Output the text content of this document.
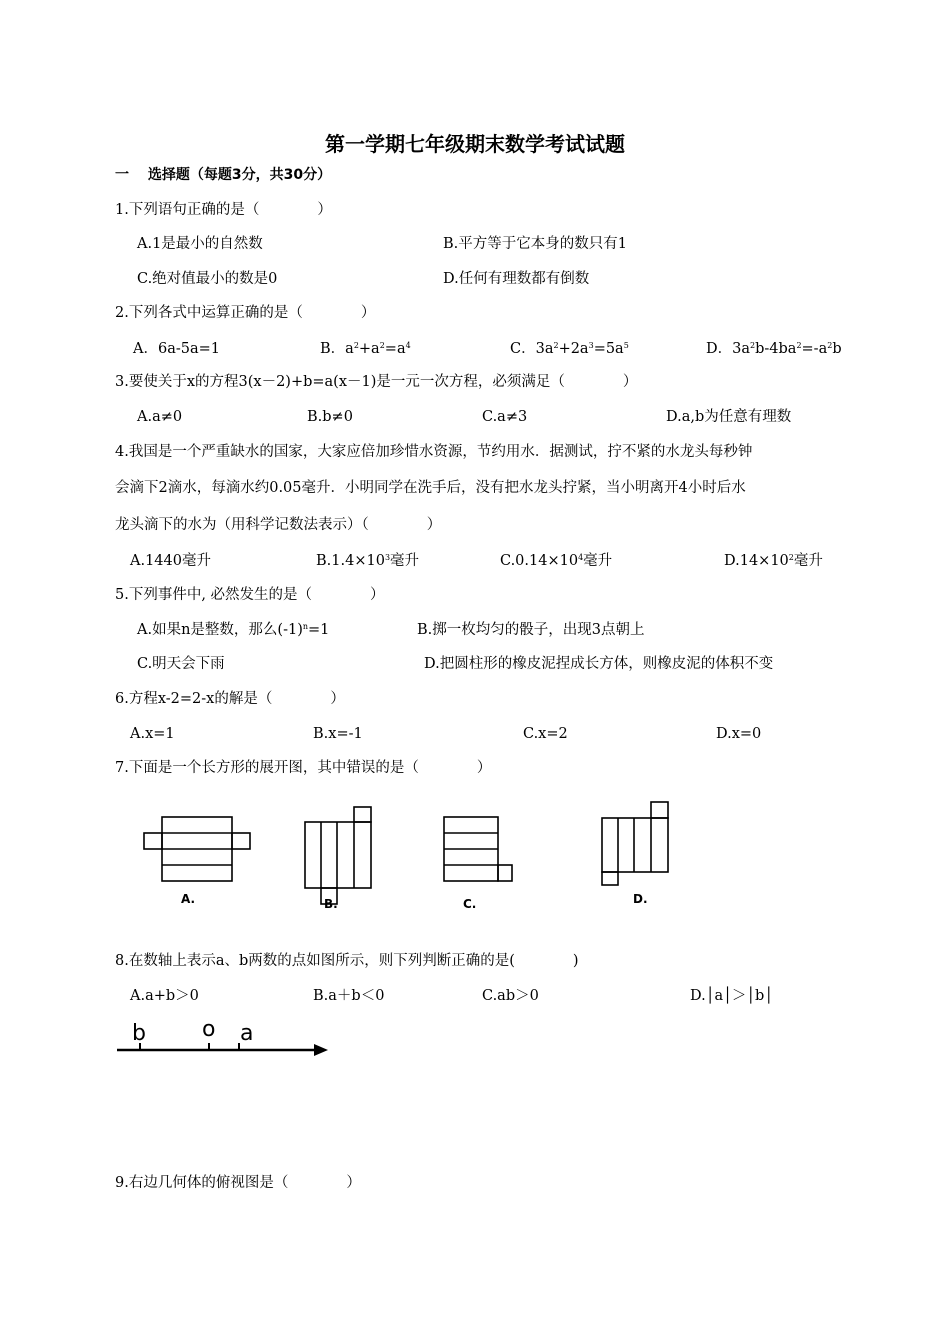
第一学期七年级期末数学考试试题
一　 选择题（每题3分，共30分）
1.下列语句正确的是（　　　　）
A.1是最小的自然数	B.平方等于它本身的数只有1
C.绝对值最小的数是0	D.任何有理数都有倒数
2.下列各式中运算正确的是（　　　　）
A．6a-5a=1	B．$a^2+a^2=a^4$	C．$3a^2+2a^3=5a^5$	D．$3a^2b-4ba^2=-a^2b$
3.要使关于x的方程3(x－2)+b=a(x－1)是一元一次方程，必须满足（　　　　）
A.a≠0	B.b≠0	C.a≠3	D.a,b为任意有理数
4.我国是一个严重缺水的国家，大家应倍加珍惜水资源，节约用水．据测试，拧不紧的水龙头每秒钟
会滴下2滴水，每滴水约0.05毫升．小明同学在洗手后，没有把水龙头拧紧，当小明离开4小时后水
龙头滴下的水为（用科学记数法表示）（　　　　）
A.1440毫升	$B.1.4\times 10^3$毫升	$C.0.14\times 10^4$毫升	$D.14\times 10^2$毫升
5.下列事件中, 必然发生的是（　　　　）
A.如果n是整数，那么$(-1)^n=1$	B.掷一枚均匀的骰子，出现3点朝上
C.明天会下雨	D.把圆柱形的橡皮泥捏成长方体，则橡皮泥的体积不变
6.方程x-2=2-x的解是（　　　　）
A.x=1	B.x=-1	C.x=2	D.x=0
7.下面是一个长方形的展开图，其中错误的是（　　　　）
A.	B.	C.	D.
b	o a
8.在数轴上表示a、b两数的点如图所示，则下列判断正确的是(　　　　)
A.a+b＞0	B.a＋b＜0	C.ab＞0	D.│a│＞│b│
9.右边几何体的俯视图是（　　　　）
